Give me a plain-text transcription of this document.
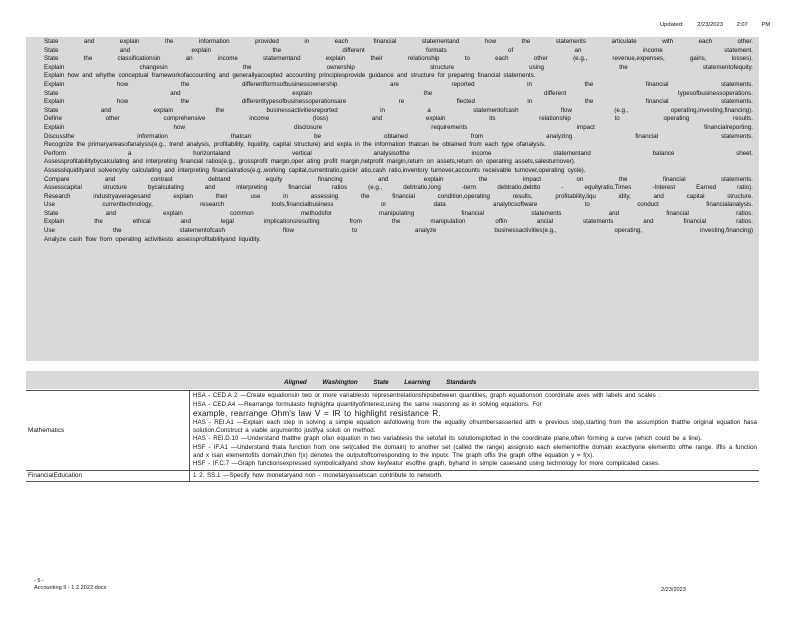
Updated: 2/23/2023 2:07 PM
State and explain the information provided in each financial statementand how the statements articulate with each other.
State and explain the different formats of an income statement.
State the classificationsin an income statementand explain their relationship to each other (e.g., revenue,expenses, gains, losses).
Explain changesin the ownership structure using the statementofequity.
Explain how and whythe conceptual frameworkofaccounting and generallyaccepted accounting principlesprovide guidance and structure for preparing financial statements.
Explain how the differentformsofbusinessownership are reported in the financial statements.
State and explain the different typesofbusinessoperations.
Explain how the differenttypesofbusinessoperationsare re flected in the financial statements.
State and explain the businessactivitiesreported in a statementofcash flow (e.g., operating,investing,financing).
Define other comprehensive income (loss) and explain its relationship to operating results.
Explain how disclosure requirements impact financialreporting.
Discussthe information thatcan be obtained from analyzing financial statements.
Recognize the primaryareasofanalysis(e.g., trend analysis, profitability, liquidity, capital structure) and expla in the information thatcan be obtained from each type ofanalysis.
Perform a horizontaland vertical analysisofthe income statementand balance sheet.
Assessprofitabilitybycalculating and interpreting financial ratios(e.g., grossprofit margin,oper ating profit margin,netprofit margin,return on assets,return on operating assets,salesturnover).
Assessliquidityand solvencyby calculating and interpreting financialratios(e.g.,working capital,currentratio,quickr atio,cash ratio,inventory turnover,accounts receivable turnover,operating cycle).
Compare and contrast debtand equity financing and explain the impact on the financial statements.
Assesscapital structure bycalculating and interpreting financial ratios (e.g., debtratio,long -term debtratio,debtto - equityratio,Times -Interest Earned ratio).
Research industryaveragesand explain their use in assessing the financial condition,operating results, profitability,liqu idity, and capital structure.
Use currenttechnology, research tools,financialbusiness or data analyticsoftware to conduct financialanalysis.
State and explain common methodsfor manipulating financial statements and financial ratios.
Explain the ethical and legal implicationsresulting from the manipulation offin ancial statements and financial ratios.
Use the statementofcash flow to analyze businessactivities(e.g., operating, investing,financing)
Analyze cash flow from operating activitiesto assessprofitabilityand liquidity.
Aligned Washington State Learning Standards
Mathematics
HSA - CED.A 2 —Create equationsin two or more variablesto representrelationshipsbetween quantities; graph equationson coordinate axes with labels and scales .
HSA - CED.A4 —Rearrange formulasto highlighta quantityofinterest,using the same reasoning as in solving equations. For
example, rearrange Ohm's law V = IR to highlight resistance R.
HAS - REI.A1 —Explain each step in solving a simple equation asfollowing from the equality ofnumbersasserted atth e previous step,starting from the assumption thatthe original equation hasa solution.Construct a viable argumentto justifya soluti on method.
HAS - REI.D.10 —Understand thatthe graph ofan equation in two variablesis the setofall its solutionsplotted in the coordinate plane,often forming a curve (which could be a line).
HSF - IF.A1 —Understand thata function from one set(called the domain) to another set (called the range) assignsto each elementofthe domain exactlyone elementto ofthe range. Iffis a function and x isan elementofits domain,then f(x) denotes the outputoffcorresponding to the inputx. The graph offis the graph ofthe equation y = f(x).
HSF - IF.C.7 —Graph functionsexpressed symbolicallyand show keyfeatur esofthe graph, byhand in simple casesand using technology for more complicated cases.
FinancialEducation	1 2. SS.1 —Specify how monetaryand non - monetaryassetscan contribute to networth.
- 5 -
Accounting II - 1 2.2022.docx	2/23/2023
